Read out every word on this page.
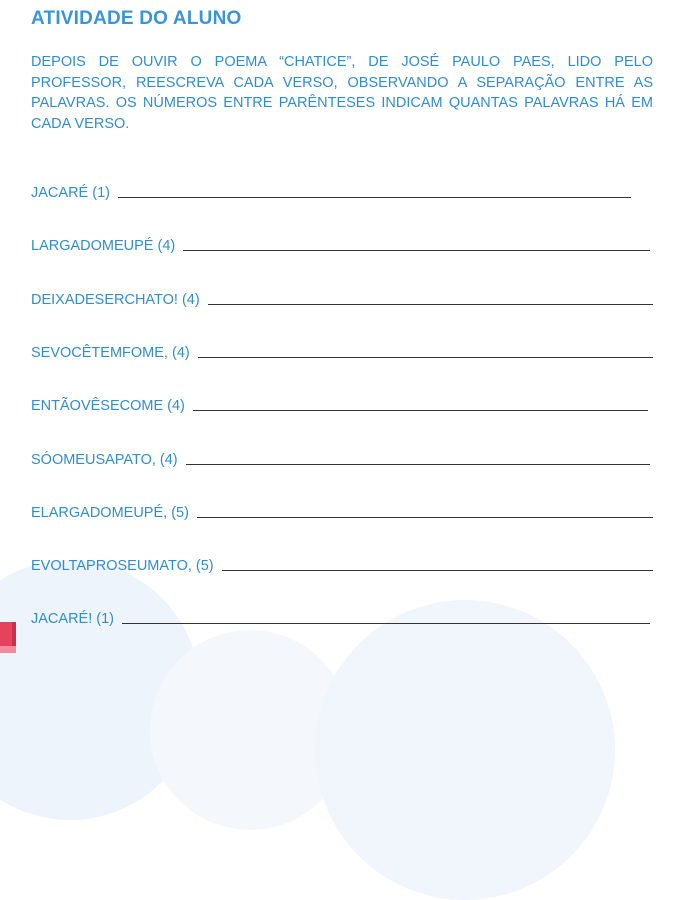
ATIVIDADE DO ALUNO
DEPOIS DE OUVIR O POEMA “CHATICE”, DE JOSÉ PAULO PAES, LIDO PELO PROFESSOR, REESCREVA CADA VERSO, OBSERVANDO A SEPARAÇÃO ENTRE AS PALAVRAS. OS NÚMEROS ENTRE PARÊNTESES INDICAM QUANTAS PALAVRAS HÁ EM CADA VERSO.
JACARÉ (1)
LARGADOMEUPÉ (4)
DEIXADESERCHATO! (4)
SEVOCÊTEMFOME, (4)
ENTÃOVÊSECOME (4)
SÓOMEUSAPATO, (4)
ELARGADOMEUPÉ, (5)
EVOLTAPROSEUMATO, (5)
JACARÉ! (1)
